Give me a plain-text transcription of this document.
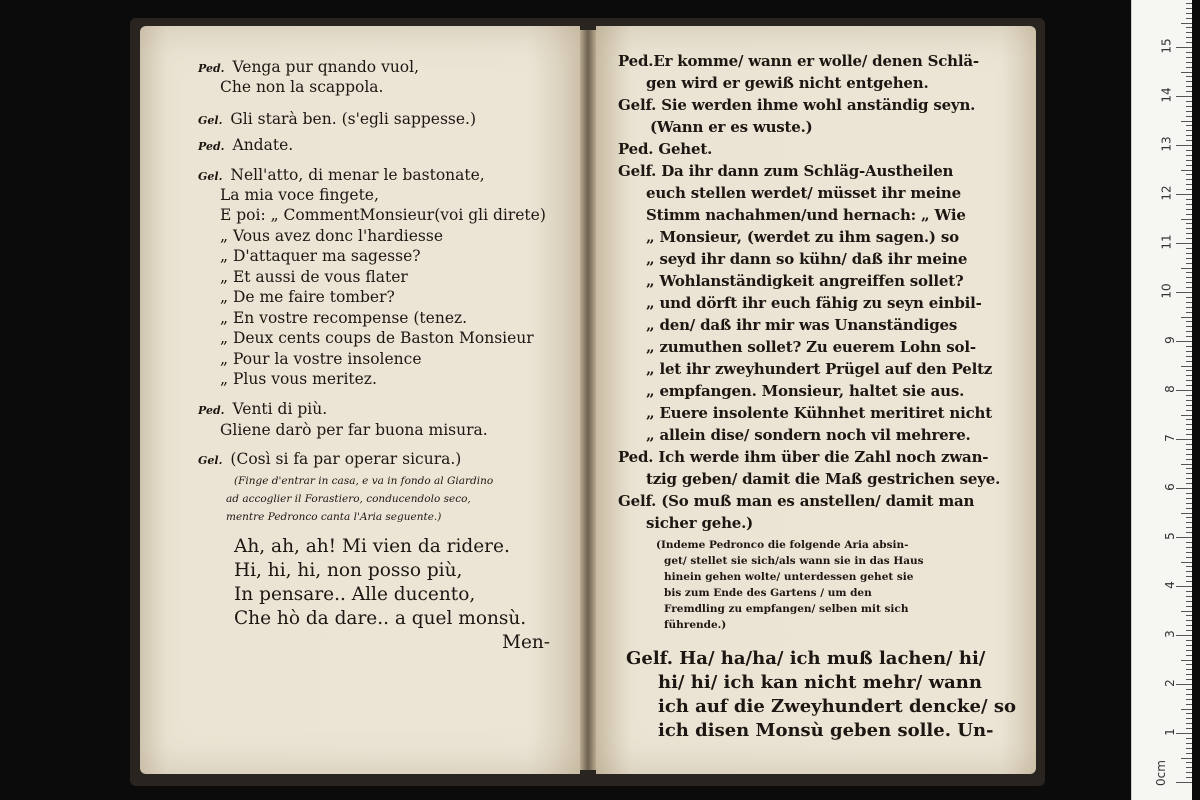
Ped. Venga pur qnando vuol,
Che non la scappola.
Gel. Gli starà ben. (s'egli sappesse.)
Ped. Andate.
Gel. Nell'atto, di menar le bastonate,
La mia voce fingete,
E poi: „ CommentMonsieur(voi gli direte)
„ Vous avez donc l'hardiesse
„ D'attaquer ma sagesse?
„ Et aussi de vous flater
„ De me faire tomber?
„ En vostre recompense (tenez.
„ Deux cents coups de Baston Monsieur
„ Pour la vostre insolence
„ Plus vous meritez.
Ped. Venti di più.
Gliene darò per far buona misura.
Gel. (Così si fa par operar sicura.)
(Finge d'entrar in casa, e va in fondo al Giardino
ad accoglier il Forastiero, conducendolo seco,
mentre Pedronco canta l'Aria seguente.)
Ah, ah, ah! Mi vien da ridere.
Hi, hi, hi, non posso più,
In pensare.. Alle ducento,
Che hò da dare.. a quel monsù.
Men-
Ped.Er komme/ wann er wolle/ denen Schlä-
gen wird er gewiß nicht entgehen.
Gelf. Sie werden ihme wohl anständig seyn.
(Wann er es wuste.)
Ped. Gehet.
Gelf. Da ihr dann zum Schläg-Austheilen
euch stellen werdet/ müsset ihr meine
Stimm nachahmen/und hernach: „ Wie
„ Monsieur, (werdet zu ihm sagen.) so
„ seyd ihr dann so kühn/ daß ihr meine
„ Wohlanständigkeit angreiffen sollet?
„ und dörft ihr euch fähig zu seyn einbil-
„ den/ daß ihr mir was Unanständiges
„ zumuthen sollet? Zu euerem Lohn sol-
„ let ihr zweyhundert Prügel auf den Peltz
„ empfangen. Monsieur, haltet sie aus.
„ Euere insolente Kühnhet meritiret nicht
„ allein dise/ sondern noch vil mehrere.
Ped. Ich werde ihm über die Zahl noch zwan-
tzig geben/ damit die Maß gestrichen seye.
Gelf. (So muß man es anstellen/ damit man
sicher gehe.)
(Indeme Pedronco die folgende Aria absin-
get/ stellet sie sich/als wann sie in das Haus
hinein gehen wolte/ unterdessen gehet sie
bis zum Ende des Gartens / um den
Fremdling zu empfangen/ selben mit sich
führende.)
Gelf. Ha/ ha/ha/ ich muß lachen/ hi/
hi/ hi/ ich kan nicht mehr/ wann
ich auf die Zweyhundert dencke/ so
ich disen Monsù geben solle. Un-
0cm
1
2
3
4
5
6
7
8
9
10
11
12
13
14
15
